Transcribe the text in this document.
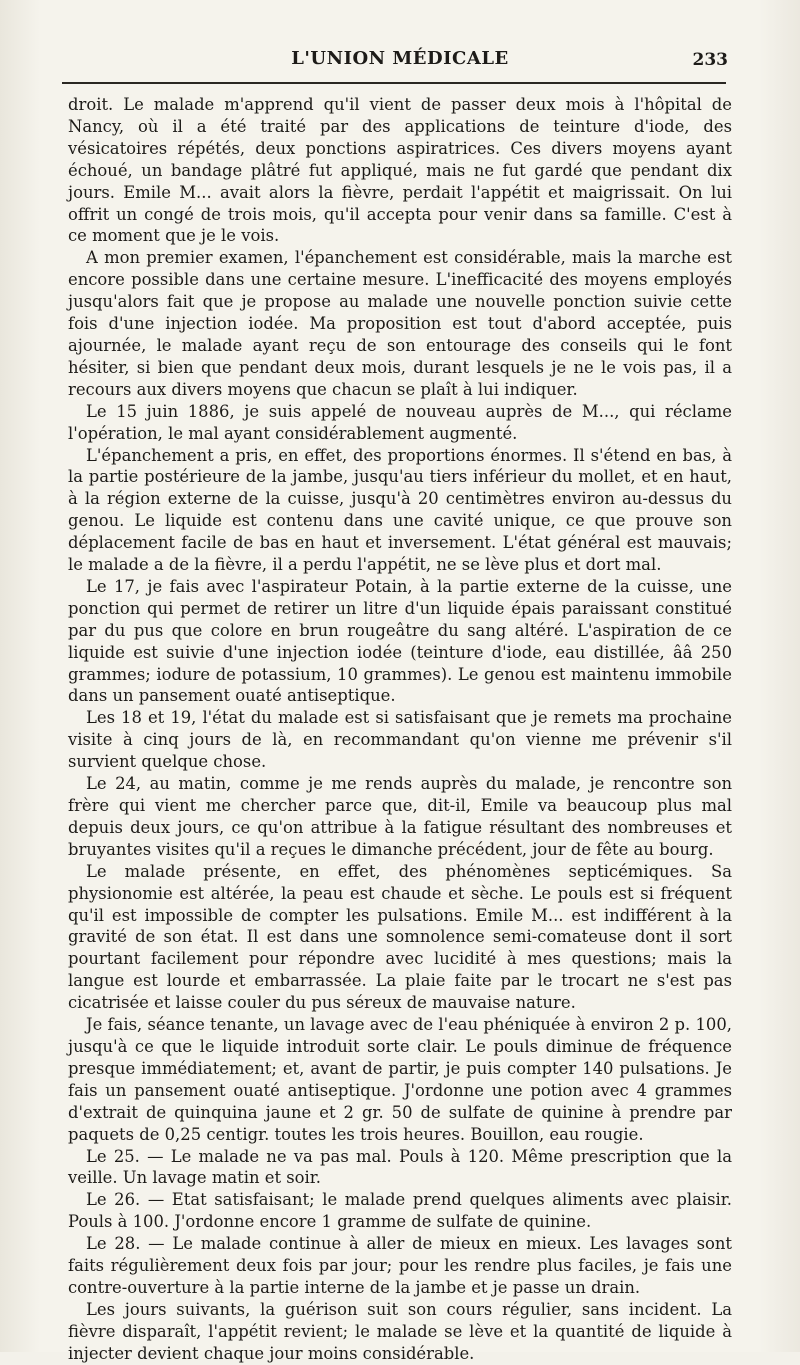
L'UNION MÉDICALE	233

droit. Le malade m'apprend qu'il vient de passer deux mois à l'hôpital de Nancy, où il a été traité par des applications de teinture d'iode, des vésicatoires répétés, deux ponctions aspiratrices. Ces divers moyens ayant échoué, un bandage plâtré fut appliqué, mais ne fut gardé que pendant dix jours. Emile M... avait alors la fièvre, perdait l'appétit et maigrissait. On lui offrit un congé de trois mois, qu'il accepta pour venir dans sa famille. C'est à ce moment que je le vois.

A mon premier examen, l'épanchement est considérable, mais la marche est encore possible dans une certaine mesure. L'inefficacité des moyens employés jusqu'alors fait que je propose au malade une nouvelle ponction suivie cette fois d'une injection iodée. Ma proposition est tout d'abord acceptée, puis ajournée, le malade ayant reçu de son entourage des conseils qui le font hésiter, si bien que pendant deux mois, durant lesquels je ne le vois pas, il a recours aux divers moyens que chacun se plaît à lui indiquer.

Le 15 juin 1886, je suis appelé de nouveau auprès de M..., qui réclame l'opération, le mal ayant considérablement augmenté.

L'épanchement a pris, en effet, des proportions énormes. Il s'étend en bas, à la partie postérieure de la jambe, jusqu'au tiers inférieur du mollet, et en haut, à la région externe de la cuisse, jusqu'à 20 centimètres environ au-dessus du genou. Le liquide est contenu dans une cavité unique, ce que prouve son déplacement facile de bas en haut et inversement. L'état général est mauvais; le malade a de la fièvre, il a perdu l'appétit, ne se lève plus et dort mal.

Le 17, je fais avec l'aspirateur Potain, à la partie externe de la cuisse, une ponction qui permet de retirer un litre d'un liquide épais paraissant constitué par du pus que colore en brun rougeâtre du sang altéré. L'aspiration de ce liquide est suivie d'une injection iodée (teinture d'iode, eau distillée, ââ 250 grammes; iodure de potassium, 10 grammes). Le genou est maintenu immobile dans un pansement ouaté antiseptique.

Les 18 et 19, l'état du malade est si satisfaisant que je remets ma prochaine visite à cinq jours de là, en recommandant qu'on vienne me prévenir s'il survient quelque chose.

Le 24, au matin, comme je me rends auprès du malade, je rencontre son frère qui vient me chercher parce que, dit-il, Emile va beaucoup plus mal depuis deux jours, ce qu'on attribue à la fatigue résultant des nombreuses et bruyantes visites qu'il a reçues le dimanche précédent, jour de fête au bourg.

Le malade présente, en effet, des phénomènes septicémiques. Sa physionomie est altérée, la peau est chaude et sèche. Le pouls est si fréquent qu'il est impossible de compter les pulsations. Emile M... est indifférent à la gravité de son état. Il est dans une somnolence semi-comateuse dont il sort pourtant facilement pour répondre avec lucidité à mes questions; mais la langue est lourde et embarrassée. La plaie faite par le trocart ne s'est pas cicatrisée et laisse couler du pus séreux de mauvaise nature.

Je fais, séance tenante, un lavage avec de l'eau phéniquée à environ 2 p. 100, jusqu'à ce que le liquide introduit sorte clair. Le pouls diminue de fréquence presque immédiatement; et, avant de partir, je puis compter 140 pulsations. Je fais un pansement ouaté antiseptique. J'ordonne une potion avec 4 grammes d'extrait de quinquina jaune et 2 gr. 50 de sulfate de quinine à prendre par paquets de 0,25 centigr. toutes les trois heures. Bouillon, eau rougie.

Le 25. — Le malade ne va pas mal. Pouls à 120. Même prescription que la veille. Un lavage matin et soir.

Le 26. — Etat satisfaisant; le malade prend quelques aliments avec plaisir. Pouls à 100. J'ordonne encore 1 gramme de sulfate de quinine.

Le 28. — Le malade continue à aller de mieux en mieux. Les lavages sont faits régulièrement deux fois par jour; pour les rendre plus faciles, je fais une contre-ouverture à la partie interne de la jambe et je passe un drain.

Les jours suivants, la guérison suit son cours régulier, sans incident. La fièvre disparaît, l'appétit revient; le malade se lève et la quantité de liquide à injecter devient chaque jour moins considérable.
